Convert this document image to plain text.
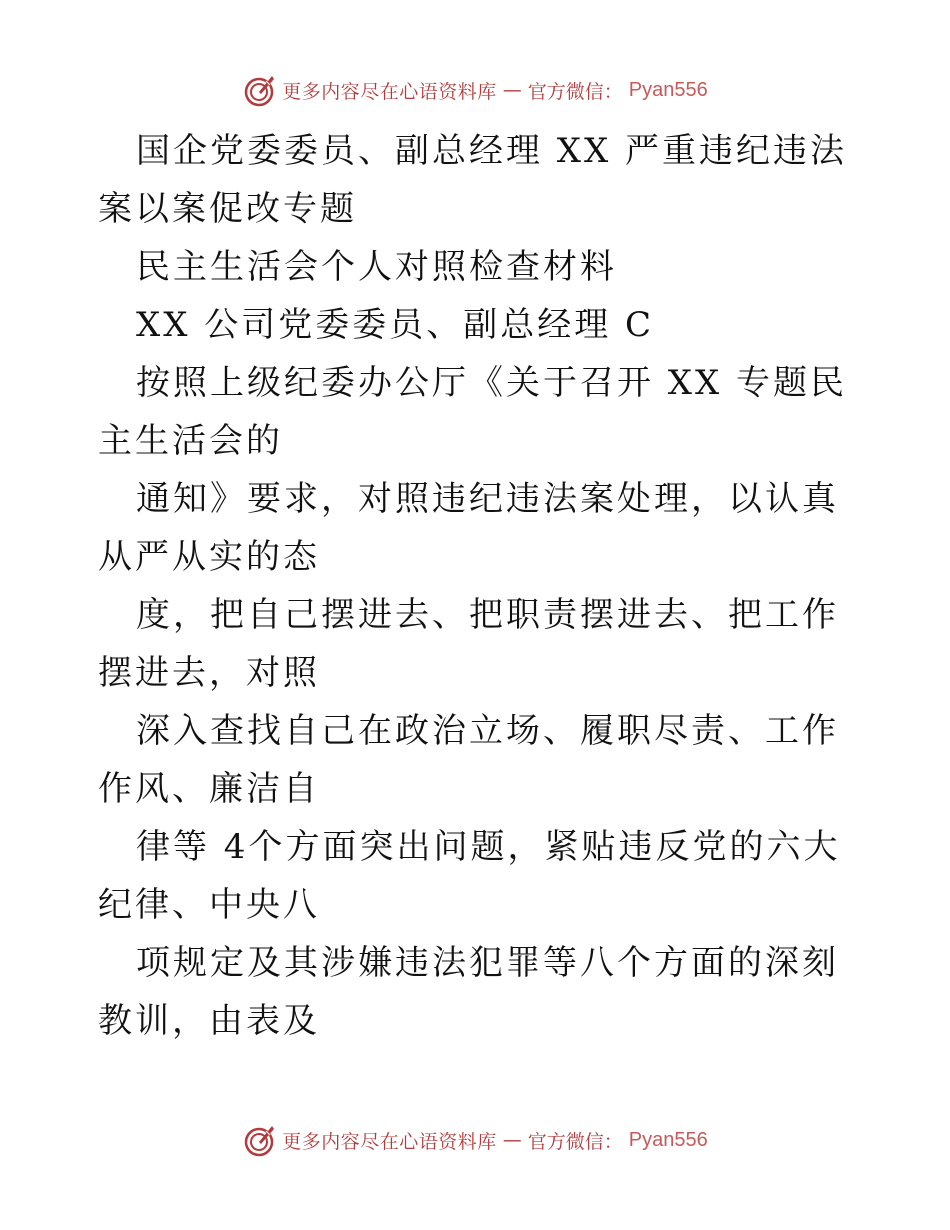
更多内容尽在心语资料库 — 官方微信： Pyan556

国企党委委员、副总经理 XX 严重违纪违法案以案促改专题

民主生活会个人对照检查材料

XX 公司党委委员、副总经理 C

按照上级纪委办公厅《关于召开 XX 专题民主生活会的

通知》要求，对照违纪违法案处理，以认真从严从实的态

度，把自己摆进去、把职责摆进去、把工作摆进去，对照

深入查找自己在政治立场、履职尽责、工作作风、廉洁自

律等 4个方面突出问题，紧贴违反党的六大纪律、中央八

项规定及其涉嫌违法犯罪等八个方面的深刻教训，由表及

更多内容尽在心语资料库 — 官方微信： Pyan556
